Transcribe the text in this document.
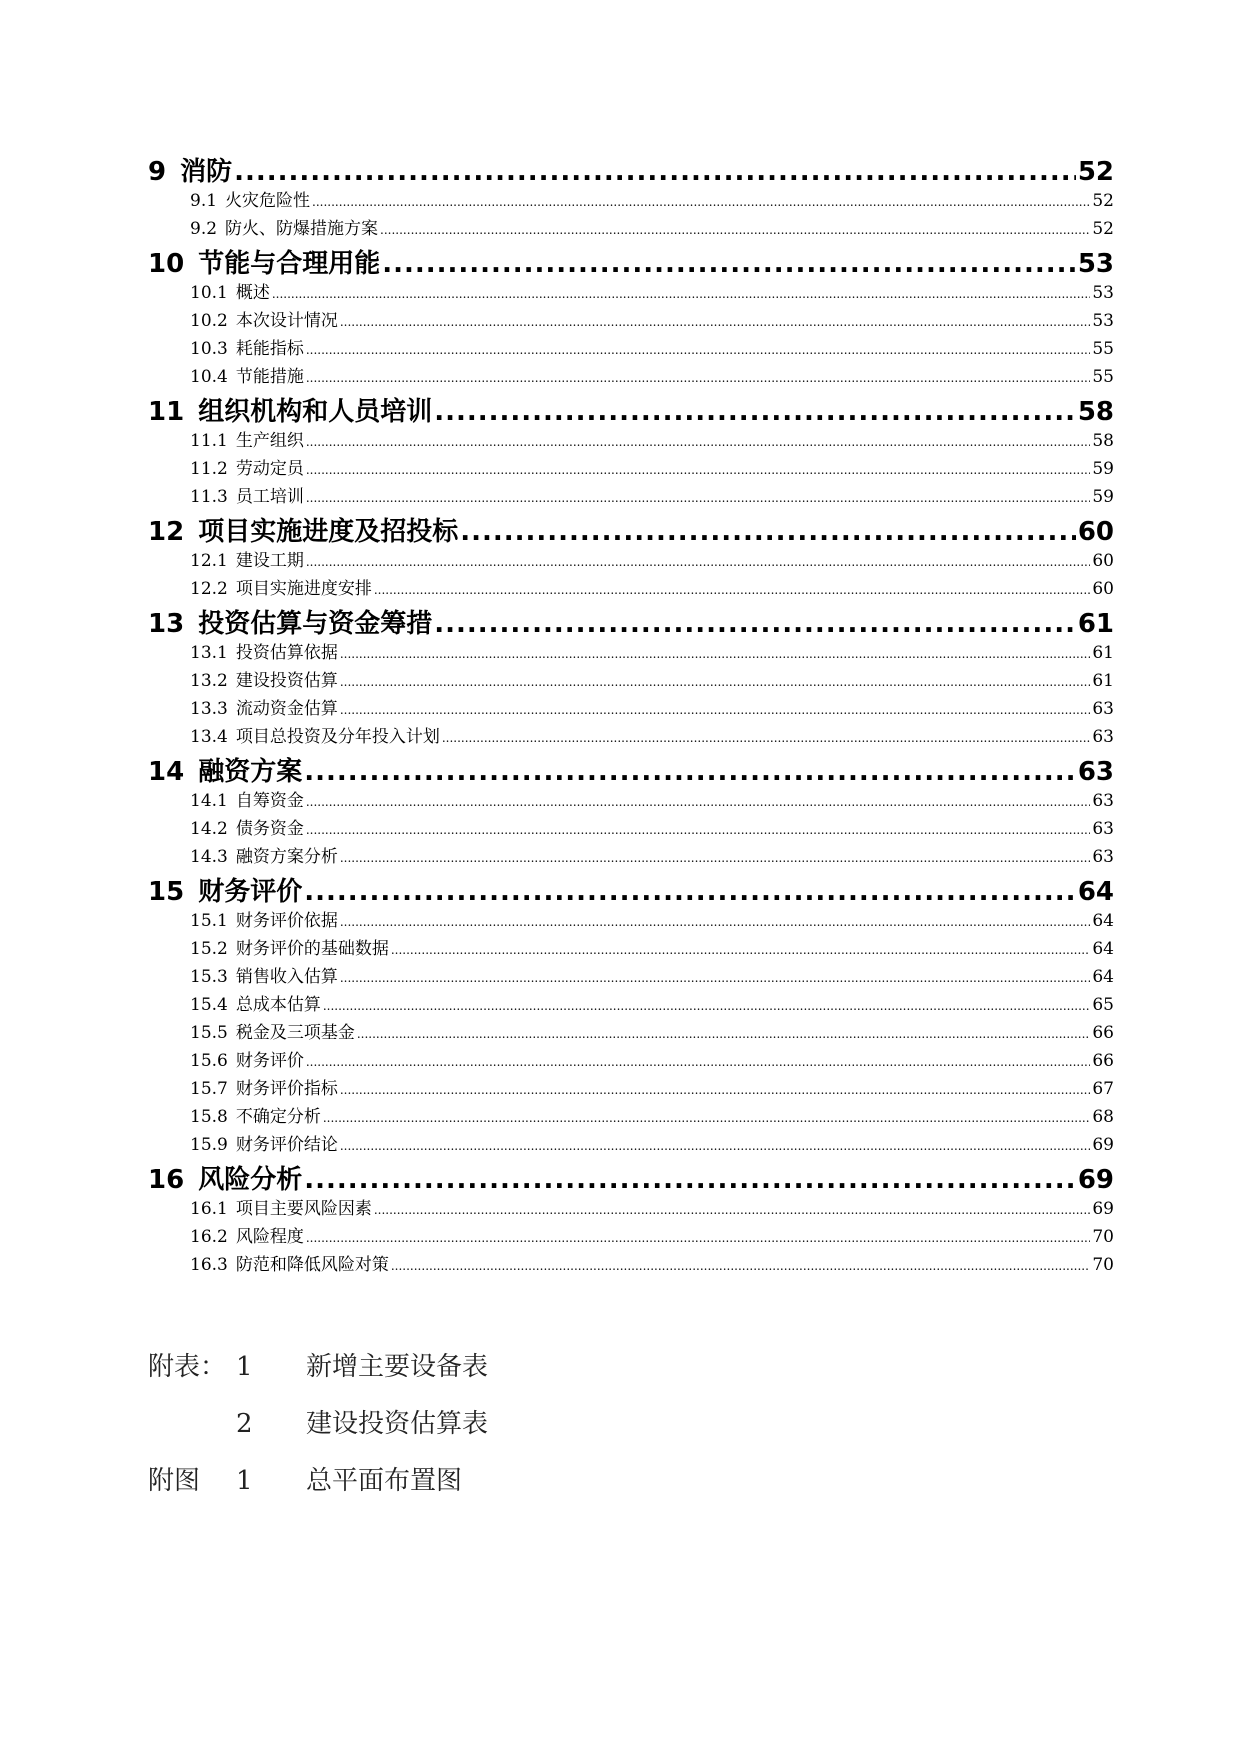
9 消防 .....	52
9.1 火灾危险性 .....	52
9.2 防火、防爆措施方案 .....	52
10 节能与合理用能 .....	53
10.1 概述 .....	53
10.2 本次设计情况 .....	53
10.3 耗能指标 .....	55
10.4 节能措施 .....	55
11 组织机构和人员培训 .....	58
11.1 生产组织 .....	58
11.2 劳动定员 .....	59
11.3 员工培训 .....	59
12 项目实施进度及招投标 .....	60
12.1 建设工期 .....	60
12.2 项目实施进度安排 .....	60
13 投资估算与资金筹措 .....	61
13.1 投资估算依据 .....	61
13.2 建设投资估算 .....	61
13.3 流动资金估算 .....	63
13.4 项目总投资及分年投入计划 .....	63
14 融资方案 .....	63
14.1 自筹资金 .....	63
14.2 债务资金 .....	63
14.3 融资方案分析 .....	63
15 财务评价 .....	64
15.1 财务评价依据 .....	64
15.2 财务评价的基础数据 .....	64
15.3 销售收入估算 .....	64
15.4 总成本估算 .....	65
15.5 税金及三项基金 .....	66
15.6 财务评价 .....	66
15.7 财务评价指标 .....	67
15.8 不确定分析 .....	68
15.9 财务评价结论 .....	69
16 风险分析 .....	69
16.1 项目主要风险因素 .....	69
16.2 风险程度 .....	70
16.3 防范和降低风险对策 .....	70
附表： 1	新增主要设备表
2	建设投资估算表
附图	1	总平面布置图
